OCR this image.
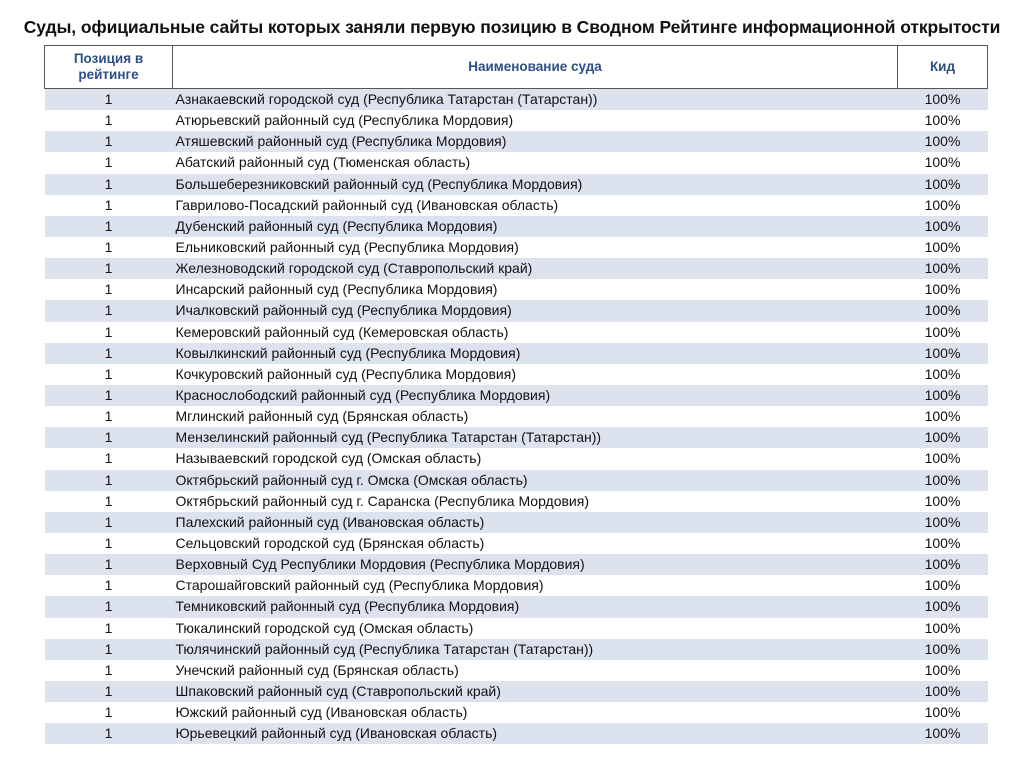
Суды, официальные сайты которых заняли первую позицию в Сводном Рейтинге информационной открытости
Позиция в рейтинге	Наименование суда	Кид
1	Азнакаевский городской суд (Республика Татарстан (Татарстан))	100%
1	Атюрьевский районный суд (Республика Мордовия)	100%
1	Атяшевский районный суд (Республика Мордовия)	100%
1	Абатский районный суд (Тюменская область)	100%
1	Большеберезниковский районный суд (Республика Мордовия)	100%
1	Гаврилово-Посадский районный суд (Ивановская область)	100%
1	Дубенский районный суд (Республика Мордовия)	100%
1	Ельниковский районный суд (Республика Мордовия)	100%
1	Железноводский городской суд (Ставропольский край)	100%
1	Инсарский районный суд (Республика Мордовия)	100%
1	Ичалковский районный суд (Республика Мордовия)	100%
1	Кемеровский районный суд (Кемеровская область)	100%
1	Ковылкинский районный суд (Республика Мордовия)	100%
1	Кочкуровский районный суд (Республика Мордовия)	100%
1	Краснослободский районный суд (Республика Мордовия)	100%
1	Мглинский районный суд (Брянская область)	100%
1	Мензелинский районный суд (Республика Татарстан (Татарстан))	100%
1	Называевский городской суд (Омская область)	100%
1	Октябрьский районный суд г. Омска (Омская область)	100%
1	Октябрьский районный суд г. Саранска (Республика Мордовия)	100%
1	Палехский районный суд (Ивановская область)	100%
1	Сельцовский городской суд (Брянская область)	100%
1	Верховный Суд Республики Мордовия (Республика Мордовия)	100%
1	Старошайговский районный суд (Республика Мордовия)	100%
1	Темниковский районный суд (Республика Мордовия)	100%
1	Тюкалинский городской суд (Омская область)	100%
1	Тюлячинский районный суд (Республика Татарстан (Татарстан))	100%
1	Унечский районный суд (Брянская область)	100%
1	Шпаковский районный суд (Ставропольский край)	100%
1	Южский районный суд (Ивановская область)	100%
1	Юрьевецкий районный суд (Ивановская область)	100%
